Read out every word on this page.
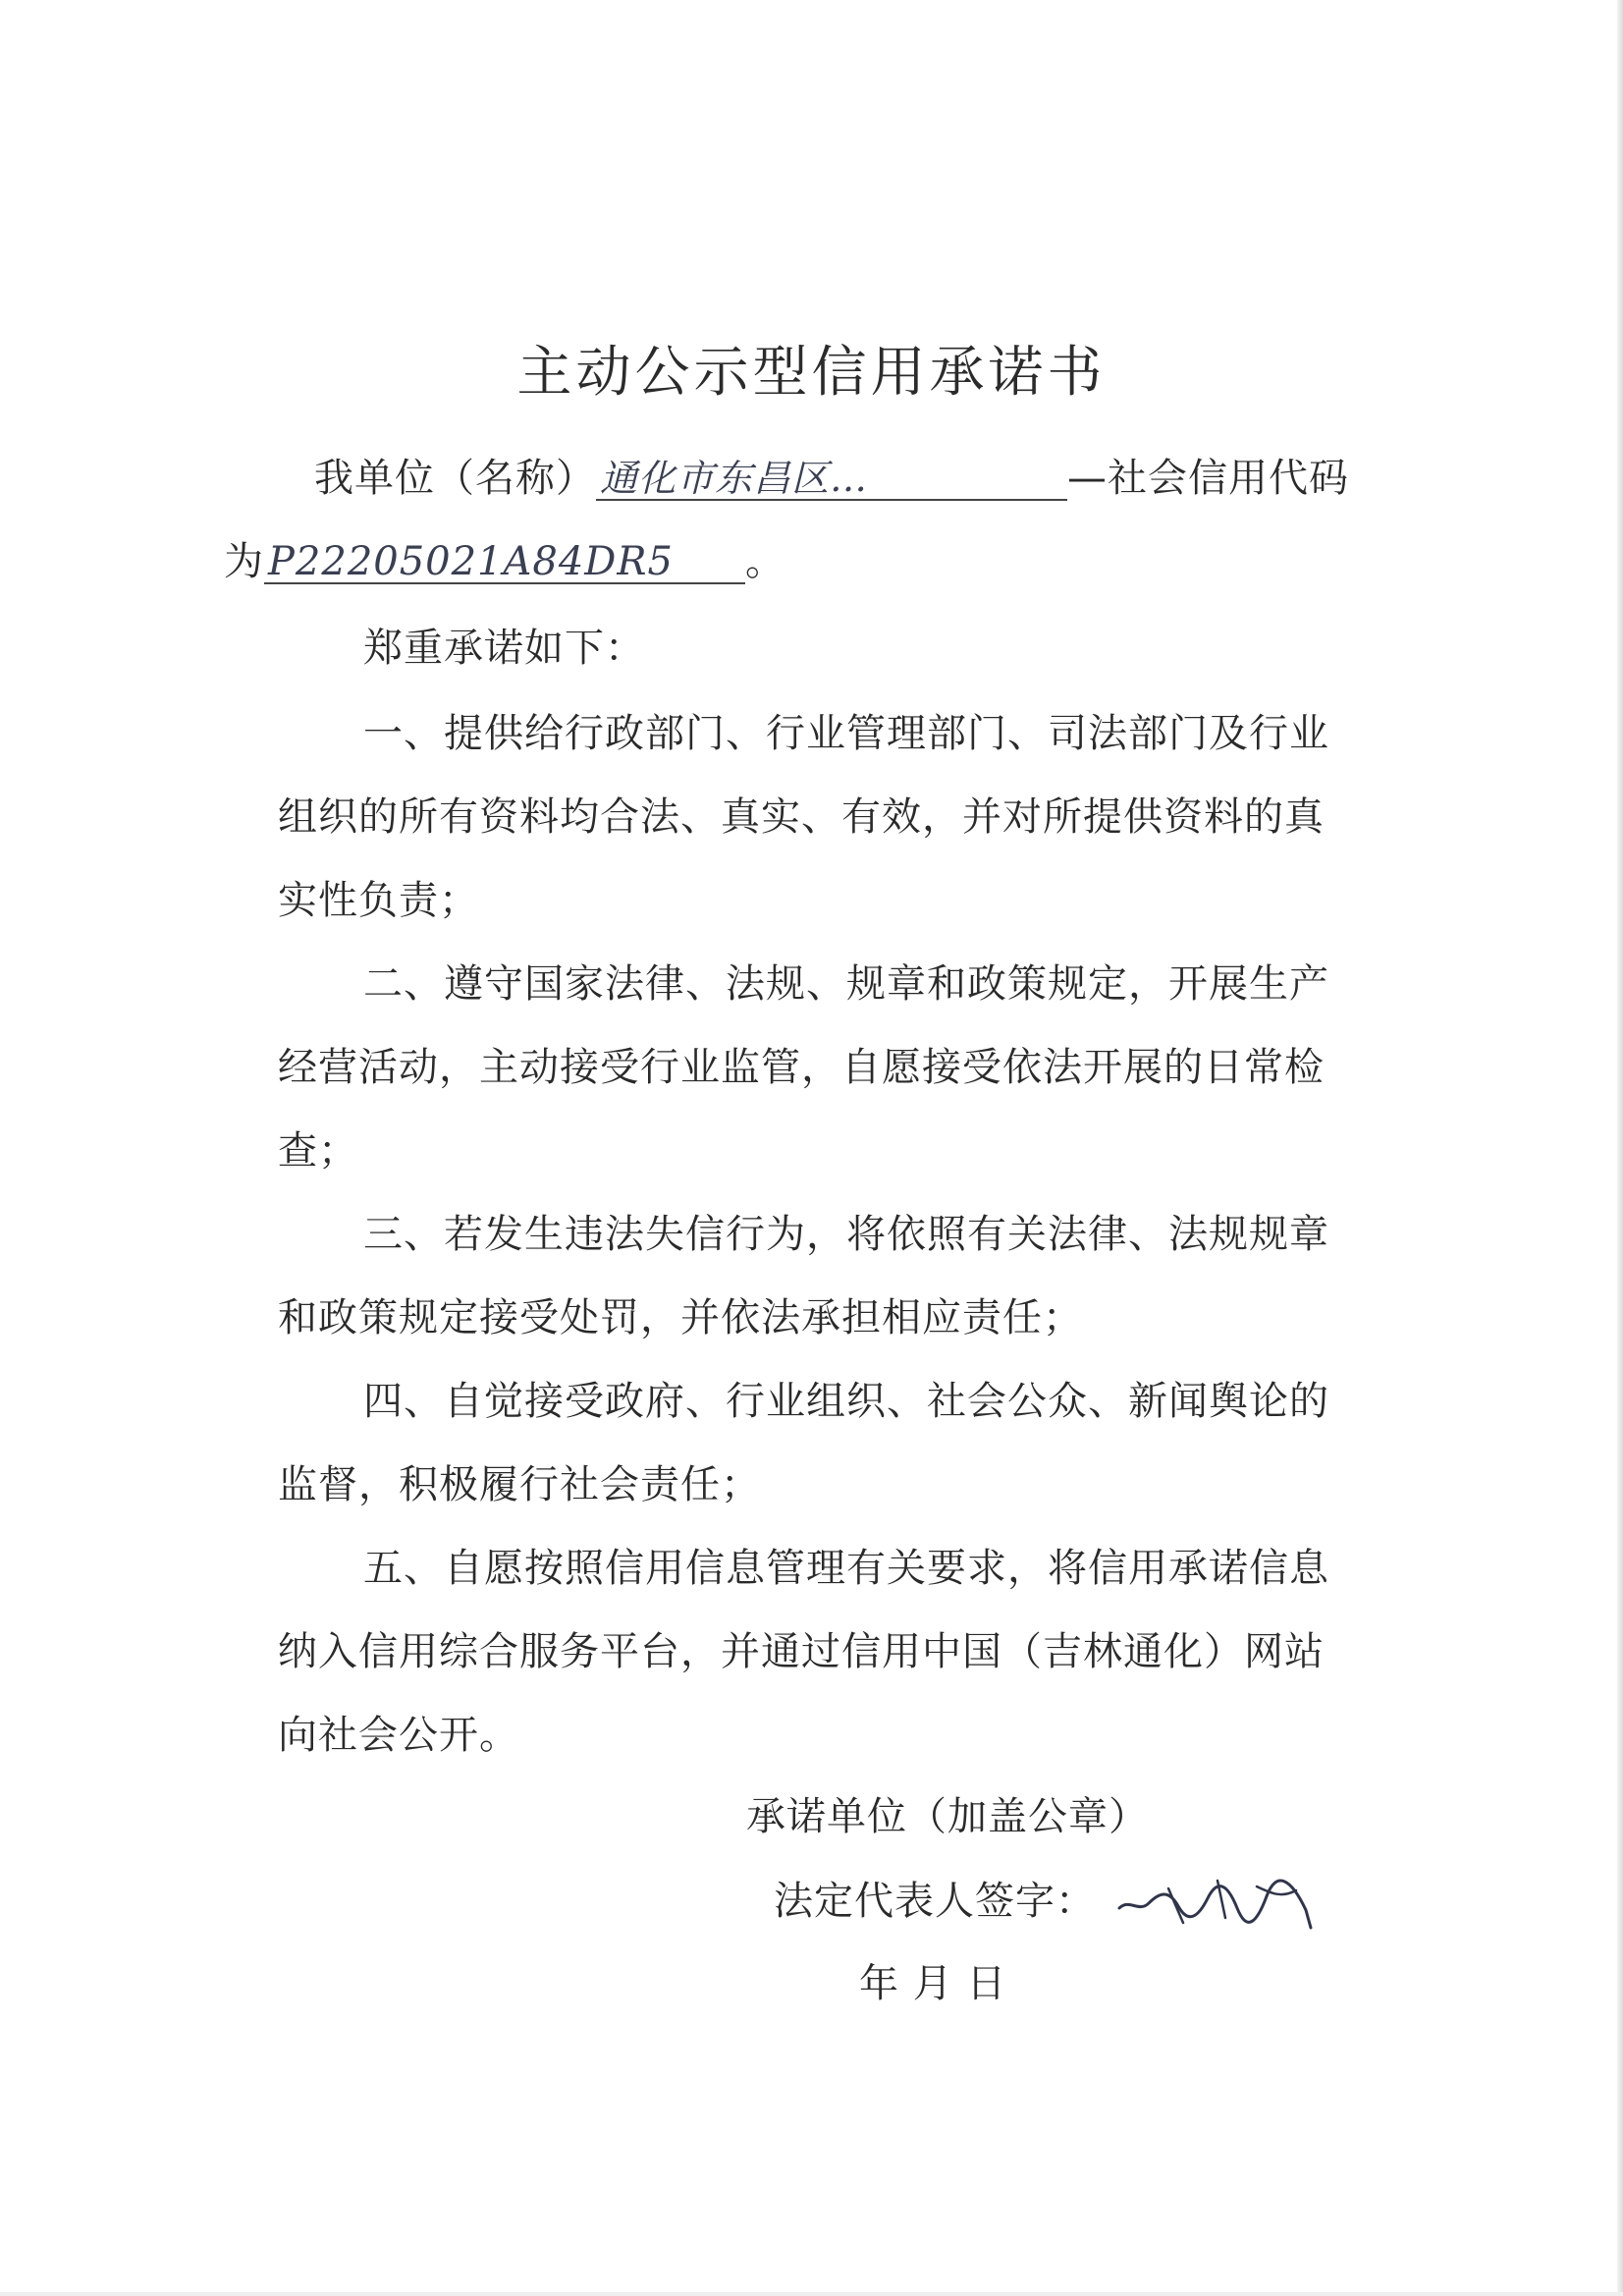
主动公示型信用承诺书
我单位（名称） 通化市东昌区…	—社会信用代码
为 P22205021A84DR5 。
郑重承诺如下：
一、提供给行政部门、行业管理部门、司法部门及行业
组织的所有资料均合法、真实、有效，并对所提供资料的真
实性负责；
二、遵守国家法律、法规、规章和政策规定，开展生产
经营活动，主动接受行业监管，自愿接受依法开展的日常检
查；
三、若发生违法失信行为，将依照有关法律、法规规章
和政策规定接受处罚，并依法承担相应责任；
四、自觉接受政府、行业组织、社会公众、新闻舆论的
监督，积极履行社会责任；
五、自愿按照信用信息管理有关要求，将信用承诺信息
纳入信用综合服务平台，并通过信用中国（吉林通化）网站
向社会公开。
承诺单位（加盖公章）
法定代表人签字：
年 月 日
